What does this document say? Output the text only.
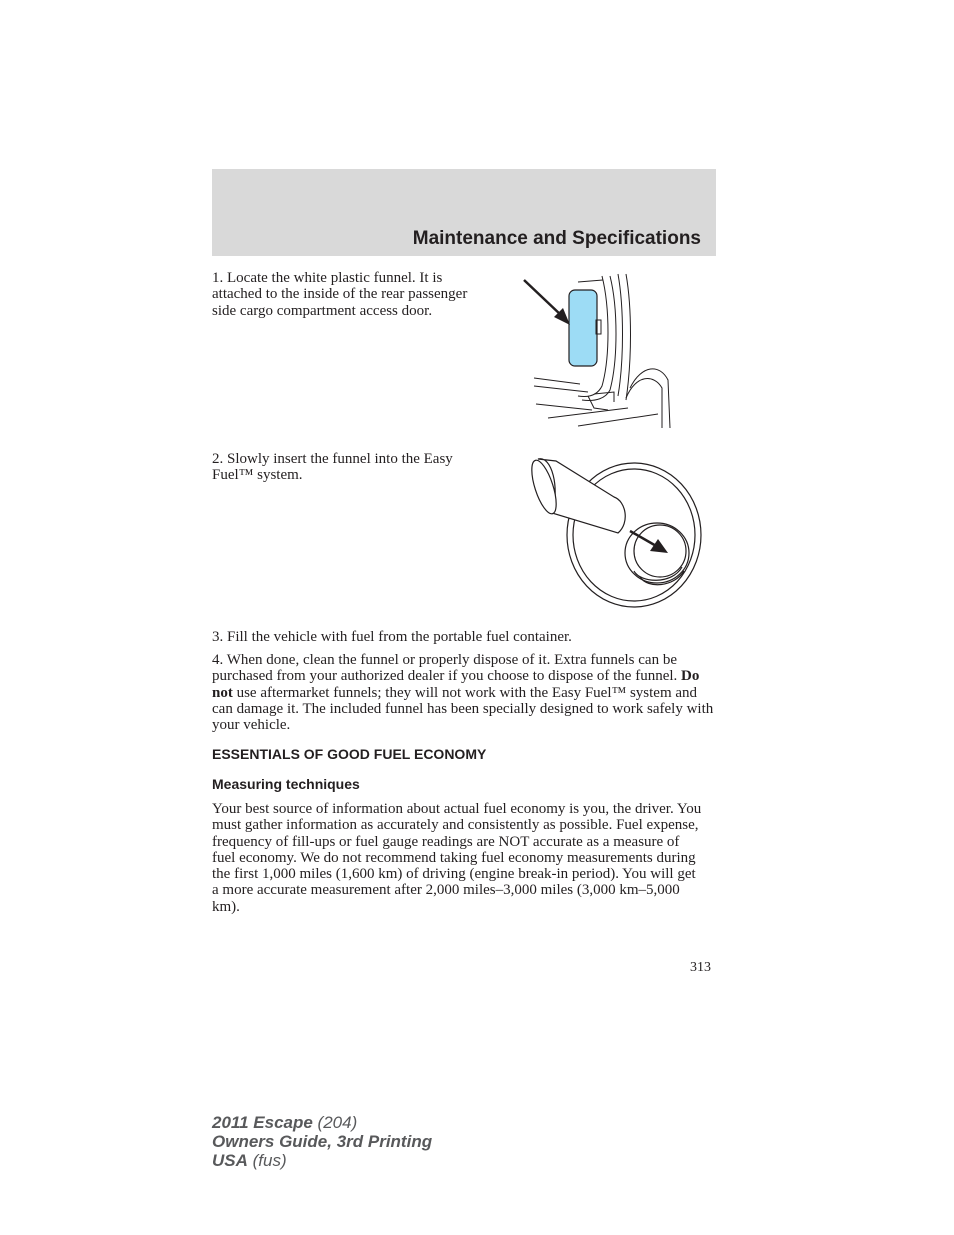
Maintenance and Specifications
1. Locate the white plastic funnel. It is attached to the inside of the rear passenger side cargo compartment access door.
2. Slowly insert the funnel into the Easy Fuel™ system.
3. Fill the vehicle with fuel from the portable fuel container.
4. When done, clean the funnel or properly dispose of it. Extra funnels can be purchased from your authorized dealer if you choose to dispose of the funnel. Do not use aftermarket funnels; they will not work with the Easy Fuel™ system and can damage it. The included funnel has been specially designed to work safely with your vehicle.
ESSENTIALS OF GOOD FUEL ECONOMY
Measuring techniques
Your best source of information about actual fuel economy is you, the driver. You must gather information as accurately and consistently as possible. Fuel expense, frequency of fill-ups or fuel gauge readings are NOT accurate as a measure of fuel economy. We do not recommend taking fuel economy measurements during the first 1,000 miles (1,600 km) of driving (engine break-in period). You will get a more accurate measurement after 2,000 miles–3,000 miles (3,000 km–5,000 km).
313
2011 Escape (204)
Owners Guide, 3rd Printing
USA (fus)
